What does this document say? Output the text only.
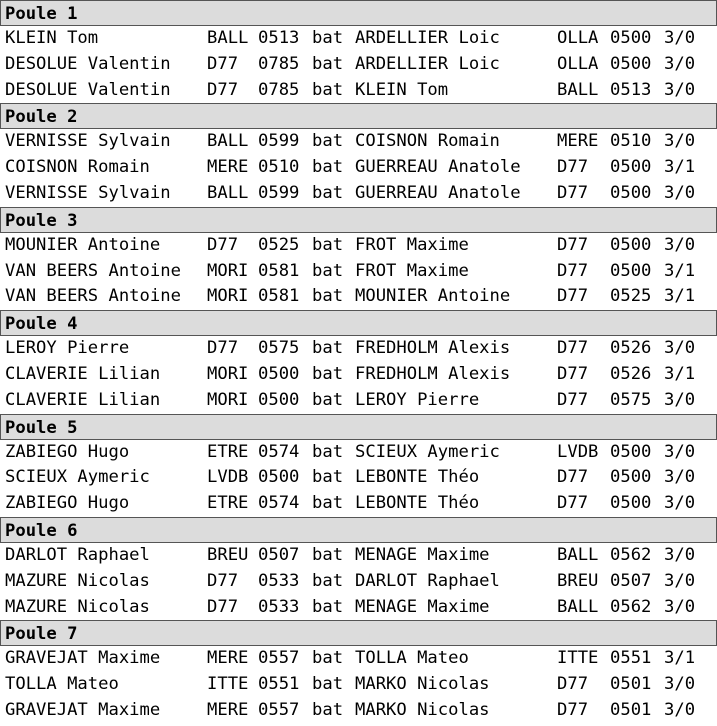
Poule 1
KLEIN Tom	BALL 0513 bat ARDELLIER Loic	OLLA 0500 3/0
DESOLUE Valentin D77 0785 bat ARDELLIER Loic	OLLA 0500 3/0
DESOLUE Valentin D77 0785 bat KLEIN Tom	BALL 0513 3/0
Poule 2
VERNISSE Sylvain BALL 0599 bat COISNON Romain	MERE 0510 3/0
COISNON Romain	MERE 0510 bat GUERREAU Anatole D77 0500 3/1
VERNISSE Sylvain BALL 0599 bat GUERREAU Anatole D77 0500 3/0
Poule 3
MOUNIER Antoine	D77 0525 bat FROT Maxime	D77 0500 3/0
VAN BEERS Antoine MORI 0581 bat FROT Maxime	D77 0500 3/1
VAN BEERS Antoine MORI 0581 bat MOUNIER Antoine	D77 0525 3/1
Poule 4
LEROY Pierre	D77 0575 bat FREDHOLM Alexis	D77 0526 3/0
CLAVERIE Lilian	MORI 0500 bat FREDHOLM Alexis	D77 0526 3/1
CLAVERIE Lilian	MORI 0500 bat LEROY Pierre	D77 0575 3/0
Poule 5
ZABIEGO Hugo	ETRE 0574 bat SCIEUX Aymeric	LVDB 0500 3/0
SCIEUX Aymeric	LVDB 0500 bat LEBONTE Théo	D77 0500 3/0
ZABIEGO Hugo	ETRE 0574 bat LEBONTE Théo	D77 0500 3/0
Poule 6
DARLOT Raphael	BREU 0507 bat MENAGE Maxime	BALL 0562 3/0
MAZURE Nicolas	D77 0533 bat DARLOT Raphael	BREU 0507 3/0
MAZURE Nicolas	D77 0533 bat MENAGE Maxime	BALL 0562 3/0
Poule 7
GRAVEJAT Maxime	MERE 0557 bat TOLLA Mateo	ITTE 0551 3/1
TOLLA Mateo	ITTE 0551 bat MARKO Nicolas	D77 0501 3/0
GRAVEJAT Maxime	MERE 0557 bat MARKO Nicolas	D77 0501 3/0
